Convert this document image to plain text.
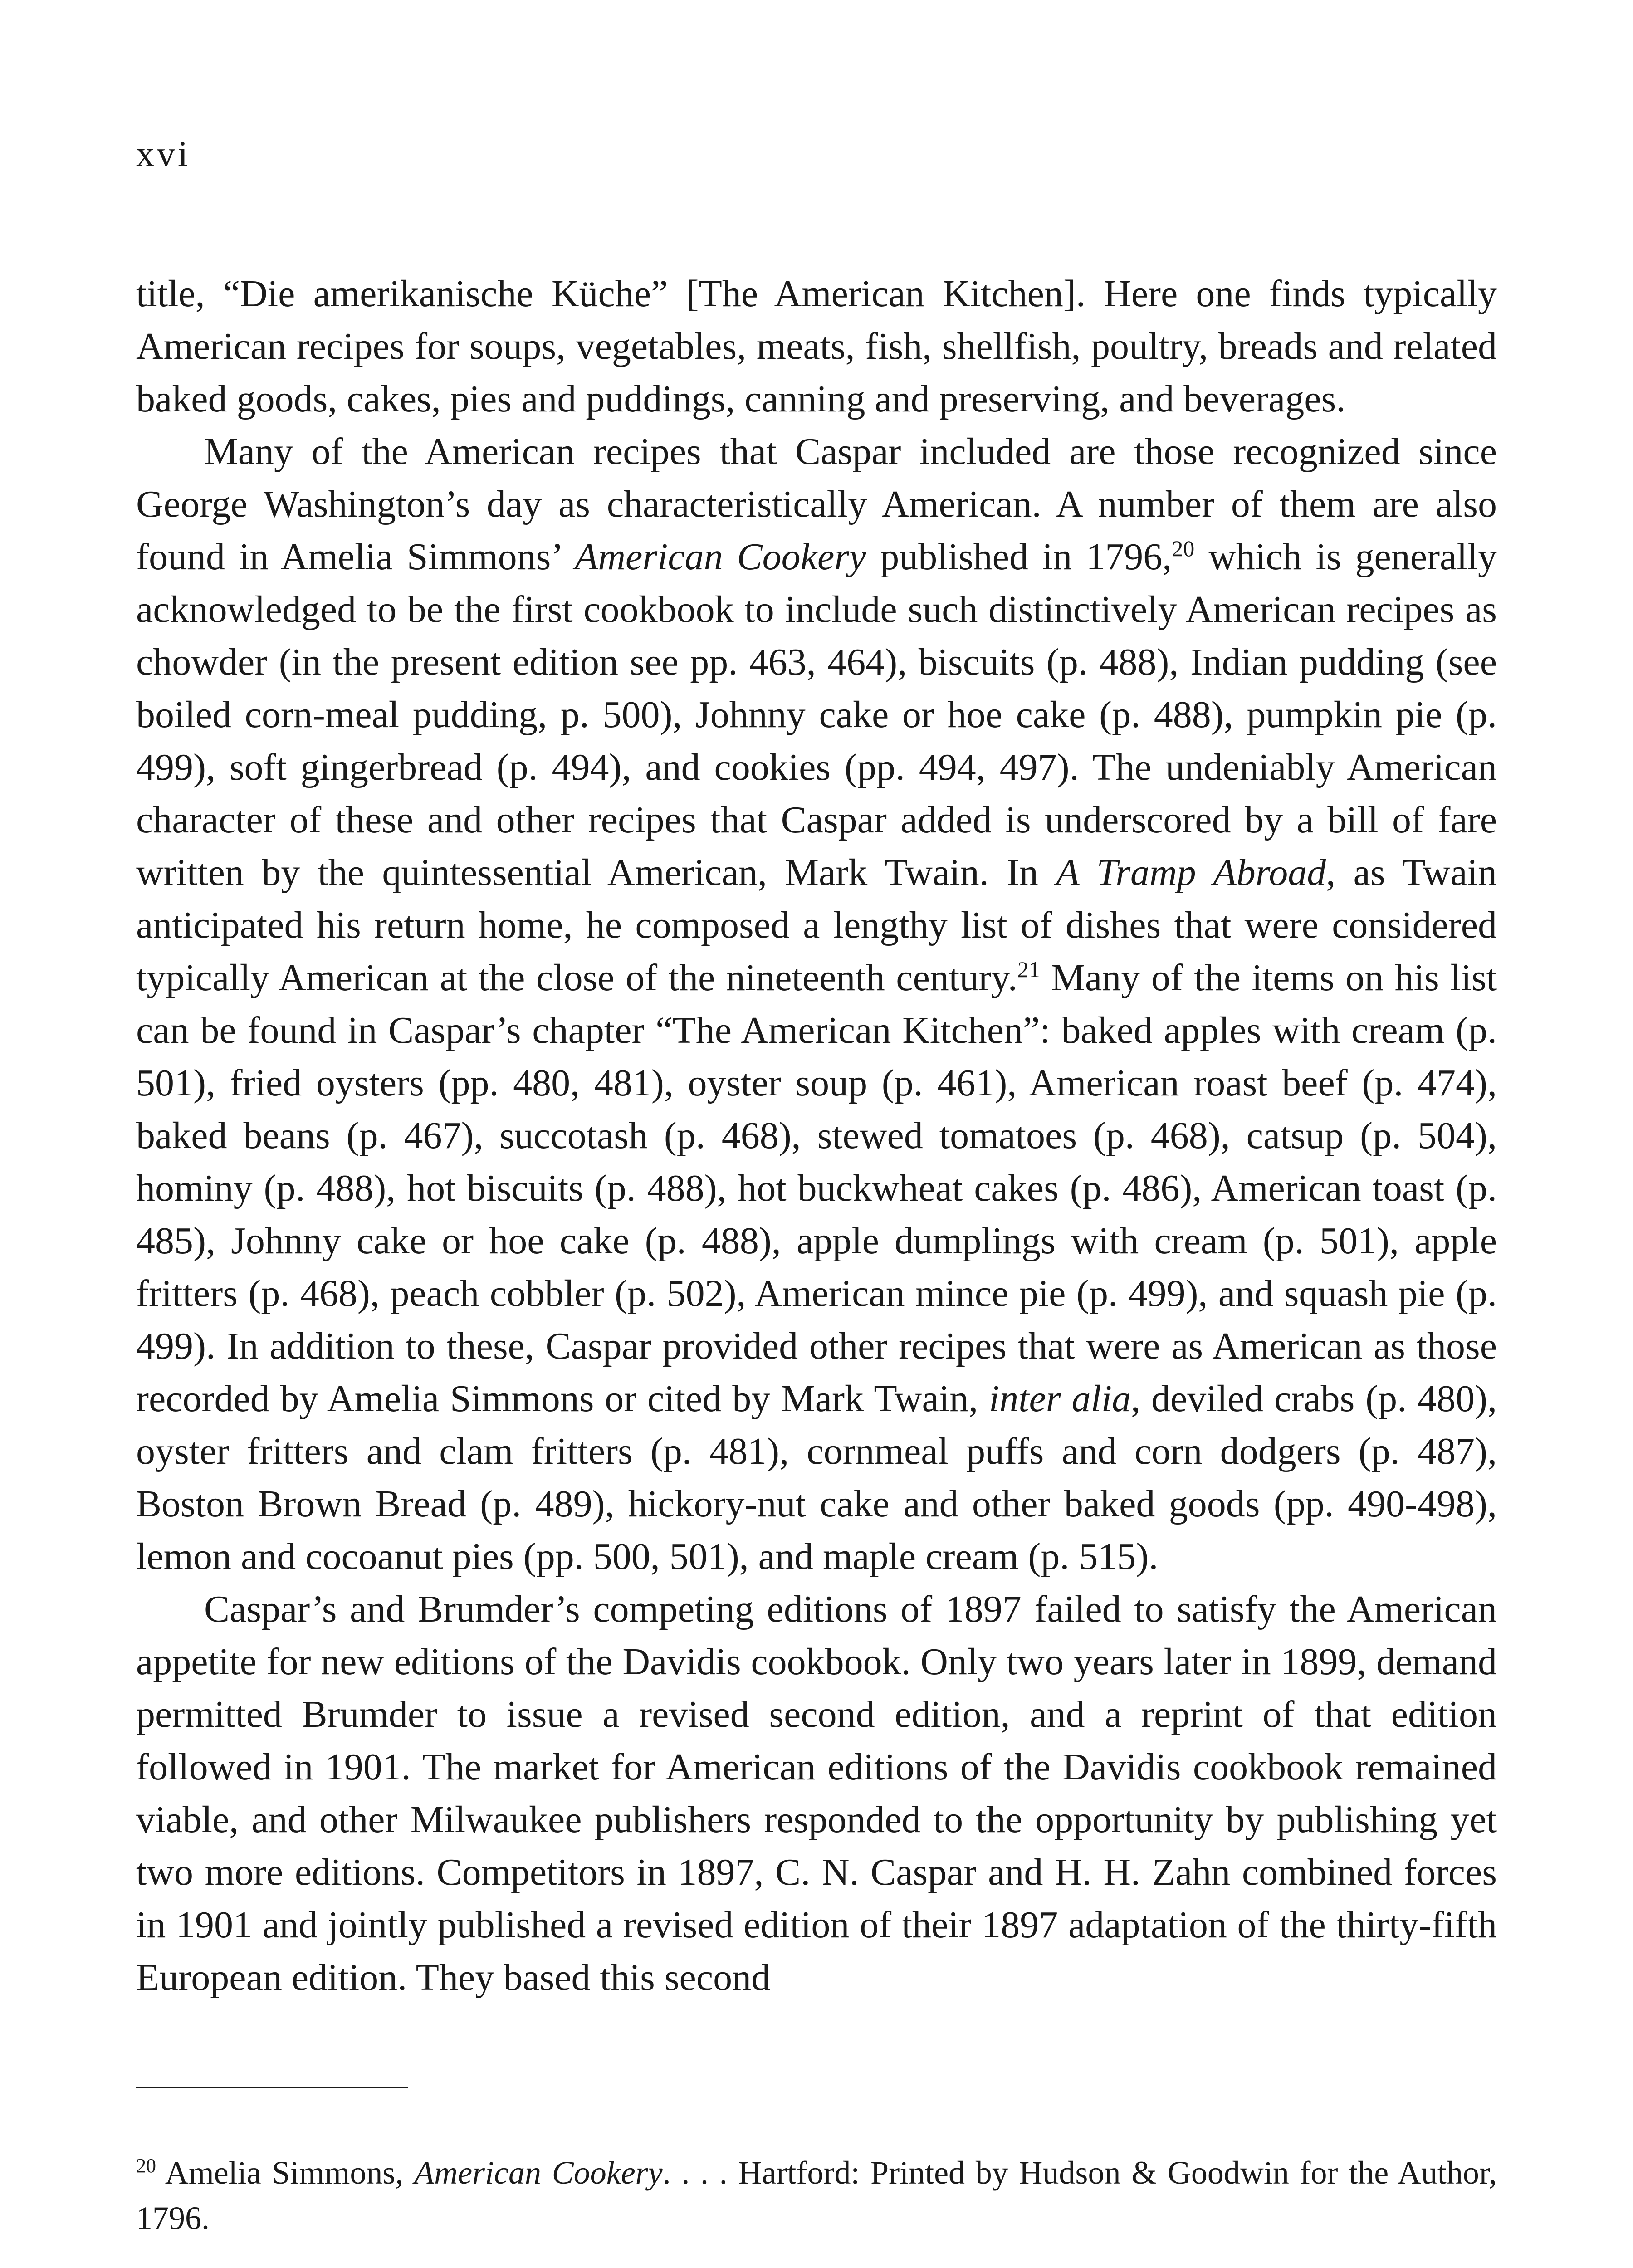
xvi

title, “Die amerikanische Küche” [The American Kitchen]. Here one finds typically American recipes for soups, vegetables, meats, fish, shellfish, poultry, breads and related baked goods, cakes, pies and puddings, canning and preserving, and beverages.

Many of the American recipes that Caspar included are those recognized since George Washington’s day as characteristically American. A number of them are also found in Amelia Simmons’ American Cookery published in 1796,20 which is generally acknowledged to be the first cookbook to include such distinctively American recipes as chowder (in the present edition see pp. 463, 464), biscuits (p. 488), Indian pudding (see boiled corn-meal pudding, p. 500), Johnny cake or hoe cake (p. 488), pumpkin pie (p. 499), soft gingerbread (p. 494), and cookies (pp. 494, 497). The undeniably American character of these and other recipes that Caspar added is underscored by a bill of fare written by the quintessential American, Mark Twain. In A Tramp Abroad, as Twain anticipated his return home, he composed a lengthy list of dishes that were considered typically American at the close of the nineteenth century.$^{21}$ Many of the items on his list can be found in Caspar’s chapter “The American Kitchen”: baked apples with cream (p. 501), fried oysters (pp. 480, 481), oyster soup (p. 461), American roast beef (p. 474), baked beans (p. 467), succotash (p. 468), stewed tomatoes (p. 468), catsup (p. 504), hominy (p. 488), hot biscuits (p. 488), hot buckwheat cakes (p. 486), American toast (p. 485), Johnny cake or hoe cake (p. 488), apple dumplings with cream (p. 501), apple fritters (p. 468), peach cobbler (p. 502), American mince pie (p. 499), and squash pie (p. 499). In addition to these, Caspar provided other recipes that were as American as those recorded by Amelia Simmons or cited by Mark Twain, inter alia, deviled crabs (p. 480), oyster fritters and clam fritters (p. 481), cornmeal puffs and corn dodgers (p. 487), Boston Brown Bread (p. 489), hickory-nut cake and other baked goods (pp. 490-498), lemon and cocoanut pies (pp. 500, 501), and maple cream (p. 515).

Caspar’s and Brumder’s competing editions of 1897 failed to satisfy the American appetite for new editions of the Davidis cookbook. Only two years later in 1899, demand permitted Brumder to issue a revised second edition, and a reprint of that edition followed in 1901. The market for American editions of the Davidis cookbook remained viable, and other Milwaukee publishers responded to the opportunity by publishing yet two more editions. Competitors in 1897, C. N. Caspar and H. H. Zahn combined forces in 1901 and jointly published a revised edition of their 1897 adaptation of the thirty-fifth European edition. They based this second

$^{20}$ Amelia Simmons, American Cookery. . . . Hartford: Printed by Hudson & Goodwin for the Author, 1796.
